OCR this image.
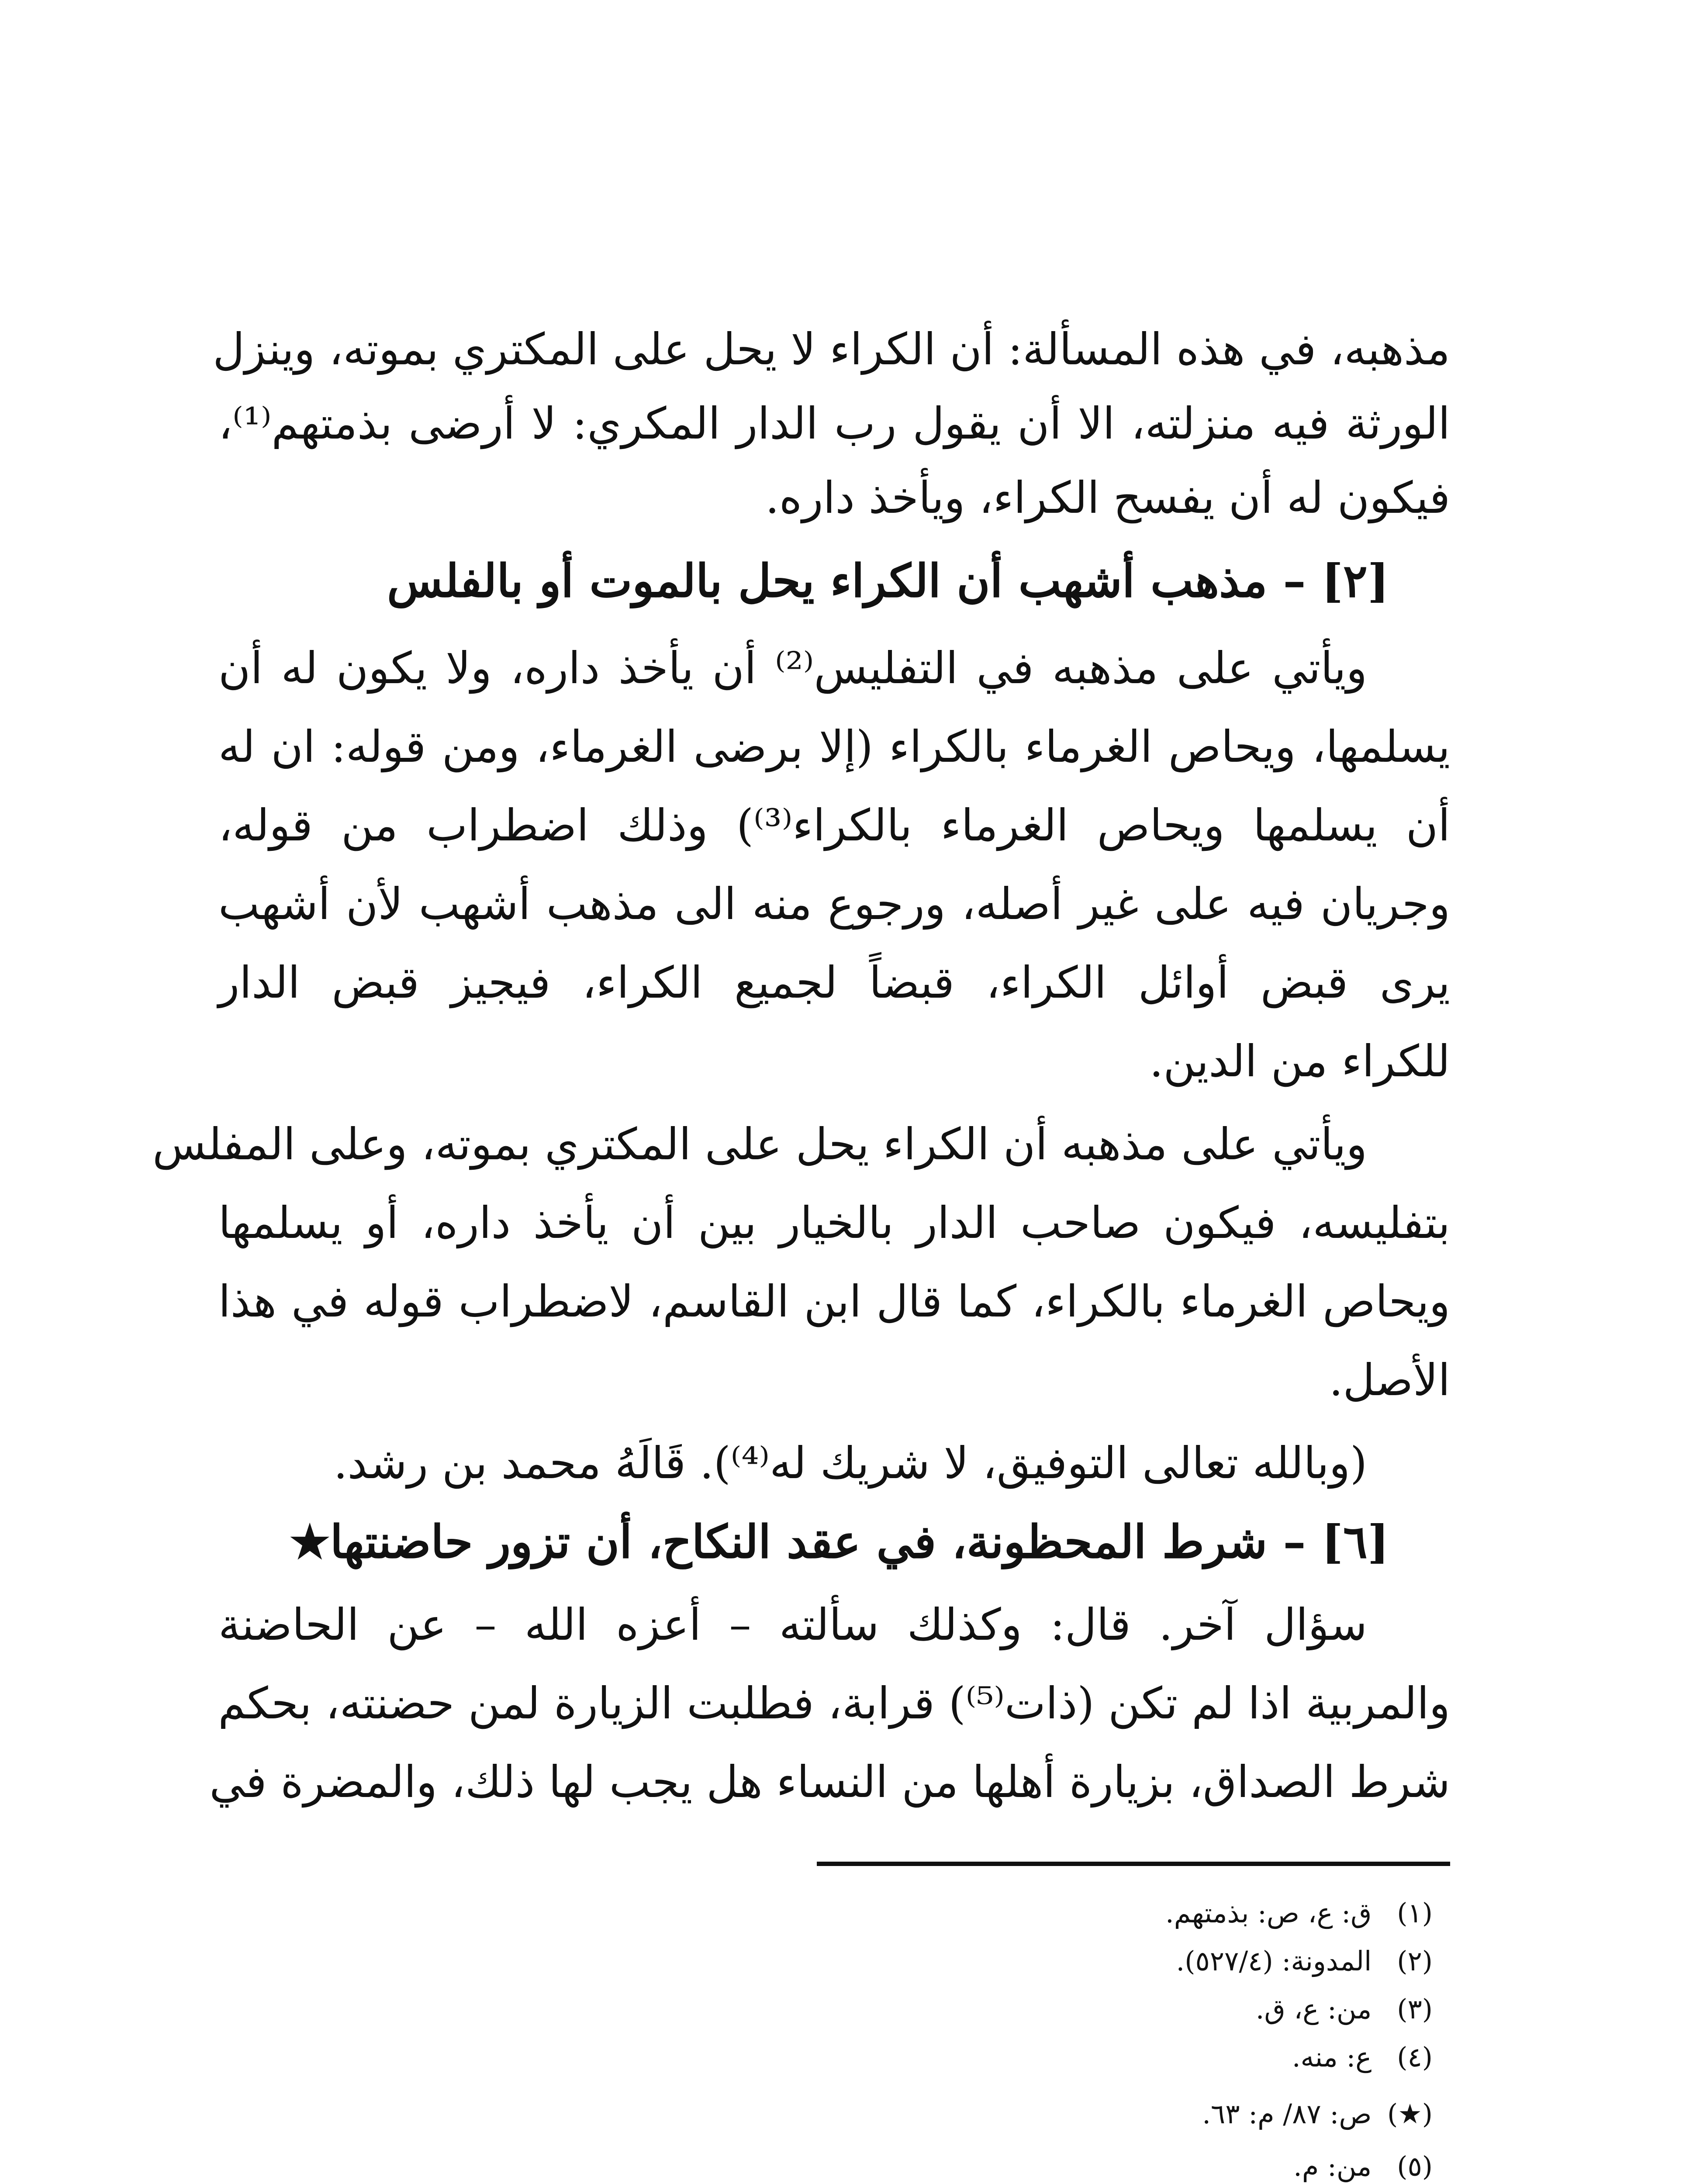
مذهبه، في هذه المسألة: أن الكراء لا يحل على المكتري بموته، وينزل
الورثة فيه منزلته، الا أن يقول رب الدار المكري: لا أرضى بذمتهم⁽¹⁾،
فيكون له أن يفسح الكراء، ويأخذ داره.
[٢] – مذهب أشهب أن الكراء يحل بالموت أو بالفلس
ويأتي على مذهبه في التفليس⁽²⁾ أن يأخذ داره، ولا يكون له أن
يسلمها، ويحاص الغرماء بالكراء (إلا برضى الغرماء، ومن قوله: ان له
أن يسلمها ويحاص الغرماء بالكراء⁽³⁾) وذلك اضطراب من قوله،
وجريان فيه على غير أصله، ورجوع منه الى مذهب أشهب لأن أشهب
يرى قبض أوائل الكراء، قبضاً لجميع الكراء، فيجيز قبض الدار
للكراء من الدين.
ويأتي على مذهبه أن الكراء يحل على المكتري بموته، وعلى المفلس
بتفليسه، فيكون صاحب الدار بالخيار بين أن يأخذ داره، أو يسلمها
ويحاص الغرماء بالكراء، كما قال ابن القاسم، لاضطراب قوله في هذا
الأصل.
(وبالله تعالى التوفيق، لا شريك له⁽⁴⁾). قَالَهُ محمد بن رشد.
[٦] – شرط المحظونة، في عقد النكاح، أن تزور حاضنتها★
سؤال آخر. قال: وكذلك سألته – أعزه الله – عن الحاضنة
والمربية اذا لم تكن (ذات⁽⁵⁾) قرابة، فطلبت الزيارة لمن حضنته، بحكم
شرط الصداق، بزيارة أهلها من النساء هل يجب لها ذلك، والمضرة في
(١) ق: ع، ص: بذمتهم.
(٢) المدونة: (٥٢٧/٤).
(٣) من: ع، ق.
(٤) ع: منه.
(★) ص: ٨٧/ م: ٦٣.
(٥) من: م.
